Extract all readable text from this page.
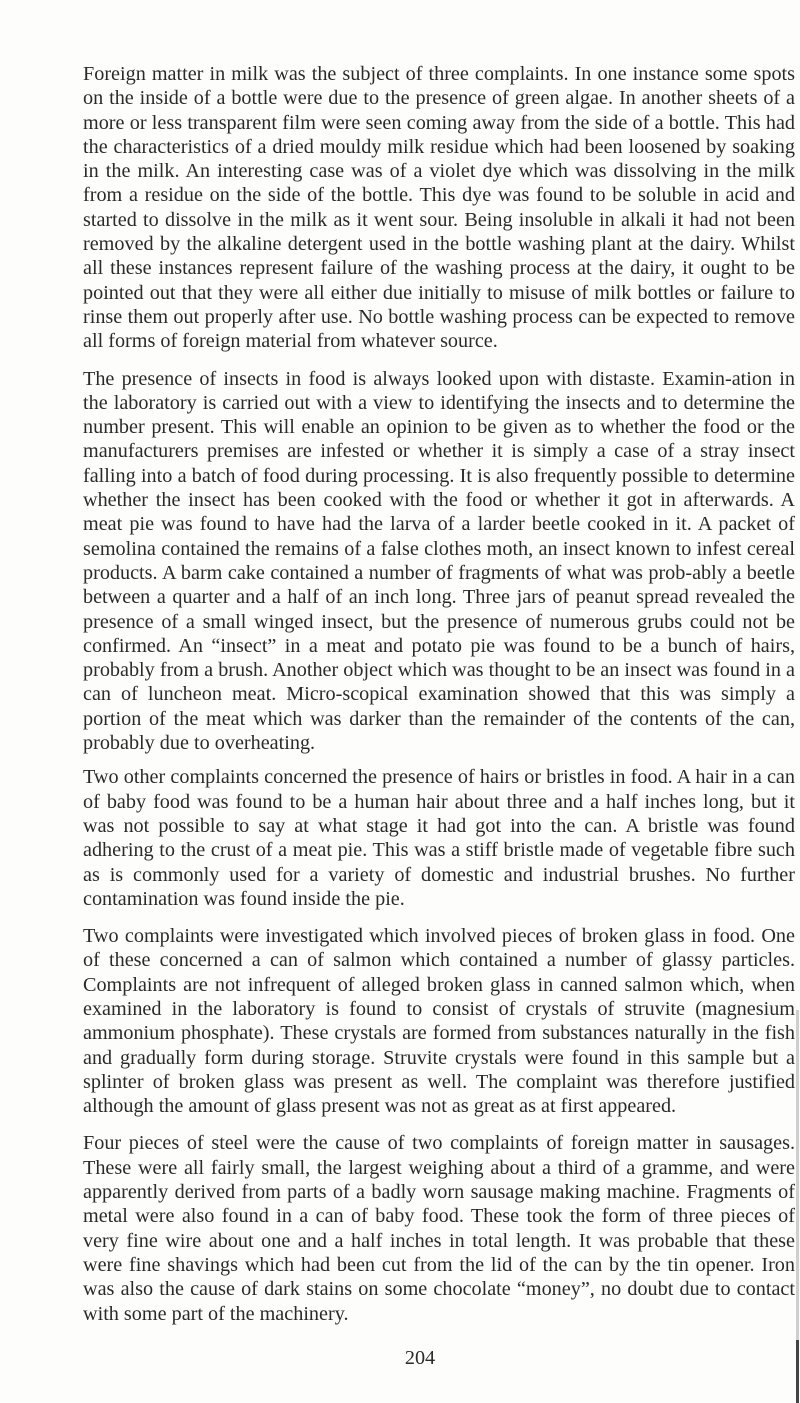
Foreign matter in milk was the subject of three complaints. In one instance some spots on the inside of a bottle were due to the presence of green algae. In another sheets of a more or less transparent film were seen coming away from the side of a bottle. This had the characteristics of a dried mouldy milk residue which had been loosened by soaking in the milk. An interesting case was of a violet dye which was dissolving in the milk from a residue on the side of the bottle. This dye was found to be soluble in acid and started to dissolve in the milk as it went sour. Being insoluble in alkali it had not been removed by the alkaline detergent used in the bottle washing plant at the dairy. Whilst all these instances represent failure of the washing process at the dairy, it ought to be pointed out that they were all either due initially to misuse of milk bottles or failure to rinse them out properly after use. No bottle washing process can be expected to remove all forms of foreign material from whatever source.

The presence of insects in food is always looked upon with distaste. Examin-ation in the laboratory is carried out with a view to identifying the insects and to determine the number present. This will enable an opinion to be given as to whether the food or the manufacturers premises are infested or whether it is simply a case of a stray insect falling into a batch of food during processing. It is also frequently possible to determine whether the insect has been cooked with the food or whether it got in afterwards. A meat pie was found to have had the larva of a larder beetle cooked in it. A packet of semolina contained the remains of a false clothes moth, an insect known to infest cereal products. A barm cake contained a number of fragments of what was prob-ably a beetle between a quarter and a half of an inch long. Three jars of peanut spread revealed the presence of a small winged insect, but the presence of numerous grubs could not be confirmed. An “insect” in a meat and potato pie was found to be a bunch of hairs, probably from a brush. Another object which was thought to be an insect was found in a can of luncheon meat. Micro-scopical examination showed that this was simply a portion of the meat which was darker than the remainder of the contents of the can, probably due to overheating.

Two other complaints concerned the presence of hairs or bristles in food. A hair in a can of baby food was found to be a human hair about three and a half inches long, but it was not possible to say at what stage it had got into the can. A bristle was found adhering to the crust of a meat pie. This was a stiff bristle made of vegetable fibre such as is commonly used for a variety of domestic and industrial brushes. No further contamination was found inside the pie.

Two complaints were investigated which involved pieces of broken glass in food. One of these concerned a can of salmon which contained a number of glassy particles. Complaints are not infrequent of alleged broken glass in canned salmon which, when examined in the laboratory is found to consist of crystals of struvite (magnesium ammonium phosphate). These crystals are formed from substances naturally in the fish and gradually form during storage. Struvite crystals were found in this sample but a splinter of broken glass was present as well. The complaint was therefore justified although the amount of glass present was not as great as at first appeared.

Four pieces of steel were the cause of two complaints of foreign matter in sausages. These were all fairly small, the largest weighing about a third of a gramme, and were apparently derived from parts of a badly worn sausage making machine. Fragments of metal were also found in a can of baby food. These took the form of three pieces of very fine wire about one and a half inches in total length. It was probable that these were fine shavings which had been cut from the lid of the can by the tin opener. Iron was also the cause of dark stains on some chocolate “money”, no doubt due to contact with some part of the machinery.

204
